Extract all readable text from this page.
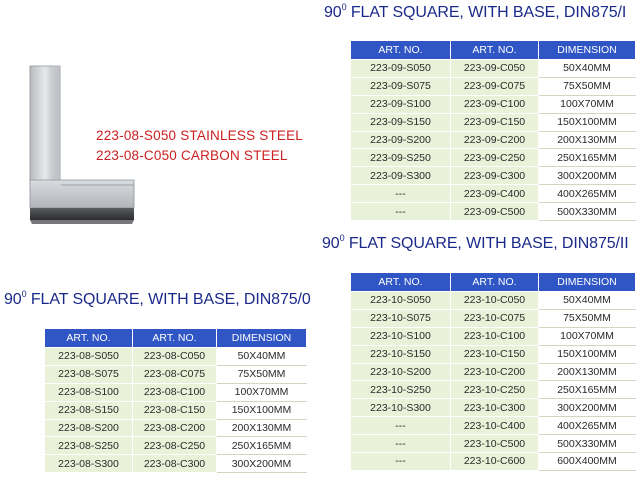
223-08-S050 STAINLESS STEEL
223-08-C050 CARBON STEEL
$90^0$ FLAT SQUARE, WITH BASE, DIN875/I
ART. NO.	ART. NO.	DIMENSION
223-09-S050	223-09-C050	50X40MM
223-09-S075	223-09-C075	75X50MM
223-09-S100	223-09-C100	100X70MM
223-09-S150	223-09-C150	150X100MM
223-09-S200	223-09-C200	200X130MM
223-09-S250	223-09-C250	250X165MM
223-09-S300	223-09-C300	300X200MM
---	223-09-C400	400X265MM
---	223-09-C500	500X330MM
$90^0$ FLAT SQUARE, WITH BASE, DIN875/II
ART. NO.	ART. NO.	DIMENSION
223-10-S050	223-10-C050	50X40MM
223-10-S075	223-10-C075	75X50MM
223-10-S100	223-10-C100	100X70MM
223-10-S150	223-10-C150	150X100MM
223-10-S200	223-10-C200	200X130MM
223-10-S250	223-10-C250	250X165MM
223-10-S300	223-10-C300	300X200MM
---	223-10-C400	400X265MM
---	223-10-C500	500X330MM
---	223-10-C600	600X400MM
$90^0$ FLAT SQUARE, WITH BASE, DIN875/0
ART. NO.	ART. NO.	DIMENSION
223-08-S050	223-08-C050	50X40MM
223-08-S075	223-08-C075	75X50MM
223-08-S100	223-08-C100	100X70MM
223-08-S150	223-08-C150	150X100MM
223-08-S200	223-08-C200	200X130MM
223-08-S250	223-08-C250	250X165MM
223-08-S300	223-08-C300	300X200MM
